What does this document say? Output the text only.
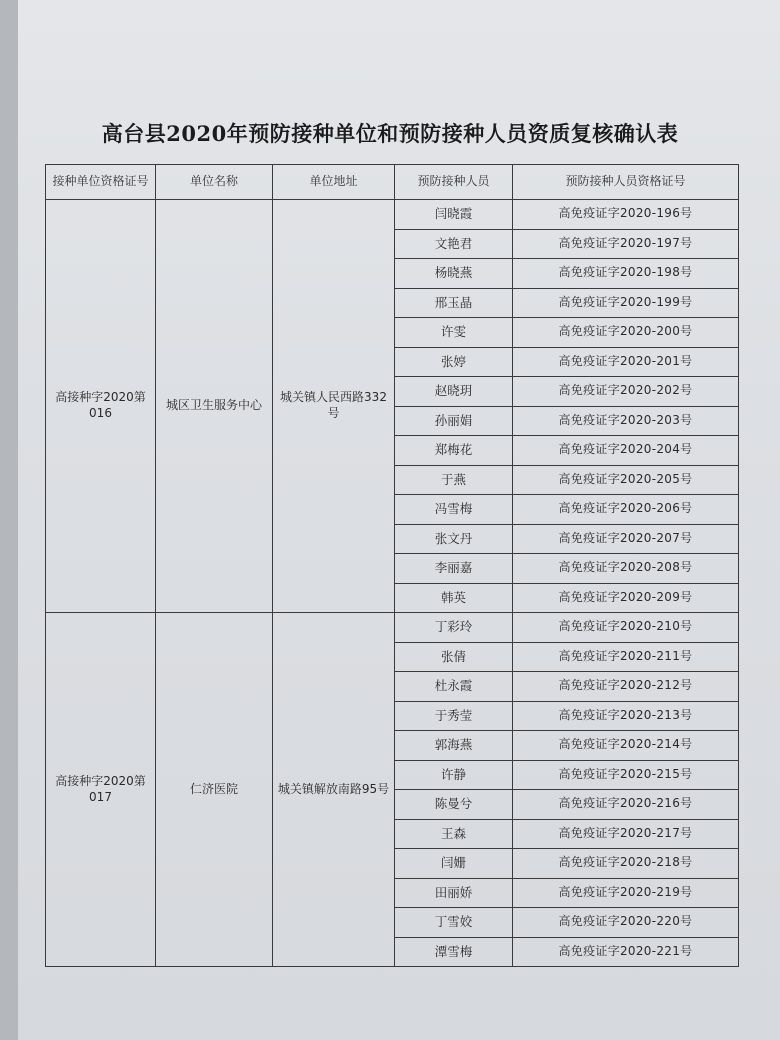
高台县2020年预防接种单位和预防接种人员资质复核确认表
接种单位资格证号	单位名称	单位地址	预防接种人员	预防接种人员资格证号
高接种字2020第016	城区卫生服务中心	城关镇人民西路332号	闫晓霞	高免疫证字2020-196号
			文艳君	高免疫证字2020-197号
			杨晓燕	高免疫证字2020-198号
			邢玉晶	高免疫证字2020-199号
			许雯	高免疫证字2020-200号
			张婷	高免疫证字2020-201号
			赵晓玥	高免疫证字2020-202号
			孙丽娟	高免疫证字2020-203号
			郑梅花	高免疫证字2020-204号
			于燕	高免疫证字2020-205号
			冯雪梅	高免疫证字2020-206号
			张文丹	高免疫证字2020-207号
			李丽嘉	高免疫证字2020-208号
			韩英	高免疫证字2020-209号
高接种字2020第017	仁济医院	城关镇解放南路95号	丁彩玲	高免疫证字2020-210号
			张倩	高免疫证字2020-211号
			杜永霞	高免疫证字2020-212号
			于秀莹	高免疫证字2020-213号
			郭海燕	高免疫证字2020-214号
			许静	高免疫证字2020-215号
			陈曼兮	高免疫证字2020-216号
			王森	高免疫证字2020-217号
			闫姗	高免疫证字2020-218号
			田丽娇	高免疫证字2020-219号
			丁雪姣	高免疫证字2020-220号
			潭雪梅	高免疫证字2020-221号
